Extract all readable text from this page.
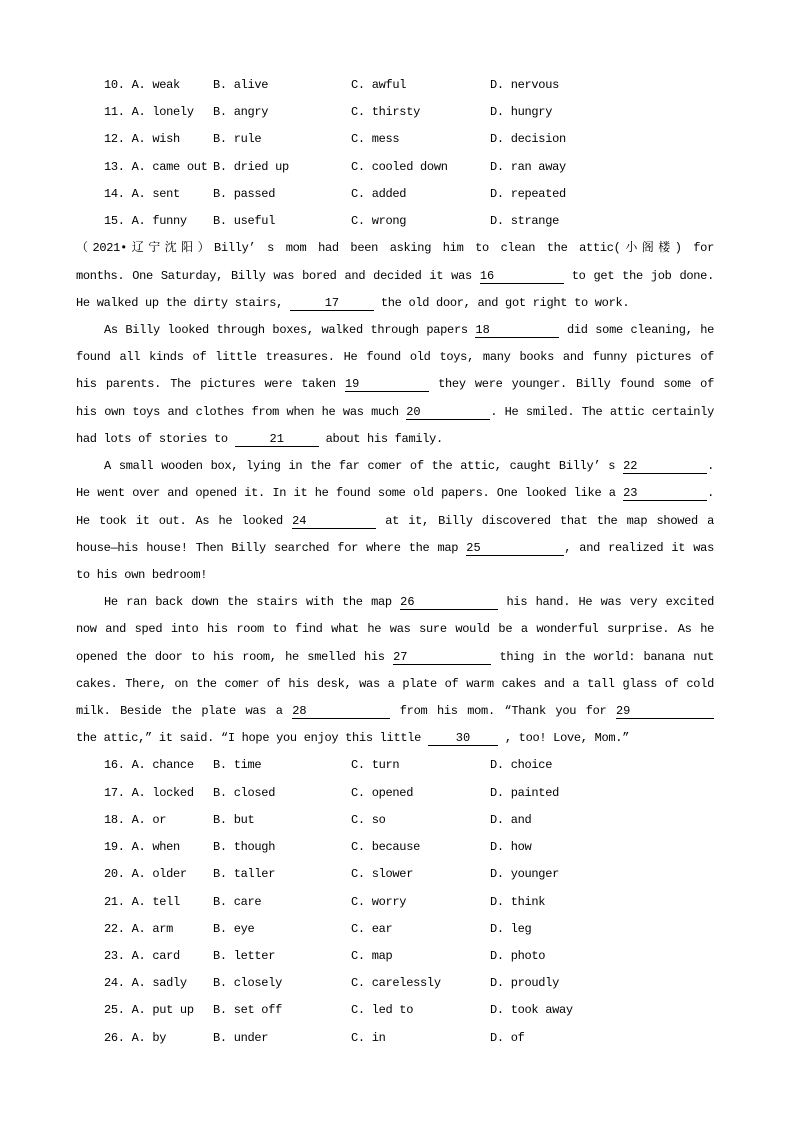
10. A. weak	B. alive	C. awful	D. nervous
11. A. lonely B. angry	C. thirsty	D. hungry
12. A. wish	B. rule	C. mess	D. decision
13. A. came out B. dried up	C. cooled down	D. ran away
14. A. sent	B. passed	C. added	D. repeated
15. A. funny B. useful	C. wrong	D. strange
（2021•辽宁沈阳）Billy’ s mom had been asking him to clean the attic(小阁楼) for
months. One Saturday, Billy was bored and decided it was 16	to get the job done.
He walked up the dirty stairs,	17	the old door, and got right to work.
As Billy looked through boxes, walked through papers 18	did some cleaning, he
found all kinds of little treasures. He found old toys, many books and funny pictures of
his parents. The pictures were taken 19	they were younger. Billy found some of
his own toys and clothes from when he was much 20	. He smiled. The attic certainly
had lots of stories to	21	about his family.
A small wooden box, lying in the far comer of the attic, caught Billy’ s 22	.
He went over and opened it. In it he found some old papers. One looked like a 23	.
He took it out. As he looked 24	at it, Billy discovered that the map showed a
house—his house! Then Billy searched for where the map 25	, and realized it was
to his own bedroom!
He ran back down the stairs with the map 26	his hand. He was very excited
now and sped into his room to find what he was sure would be a wonderful surprise. As he
opened the door to his room, he smelled his 27	thing in the world: banana nut
cakes. There, on the comer of his desk, was a plate of warm cakes and a tall glass of cold
milk. Beside the plate was a 28	from his mom. “Thank you for 29
the attic,” it said. “I hope you enjoy this little 30 , too! Love, Mom.”
16. A. chance B. time	C. turn	D. choice
17. A. locked B. closed	C. opened	D. painted
18. A. or	B. but	C. so	D. and
19. A. when	B. though	C. because	D. how
20. A. older B. taller	C. slower	D. younger
21. A. tell	B. care	C. worry	D. think
22. A. arm	B. eye	C. ear	D. leg
23. A. card	B. letter	C. map	D. photo
24. A. sadly B. closely	C. carelessly	D. proudly
25. A. put up B. set off	C. led to	D. took away
26. A. by	B. under	C. in	D. of
